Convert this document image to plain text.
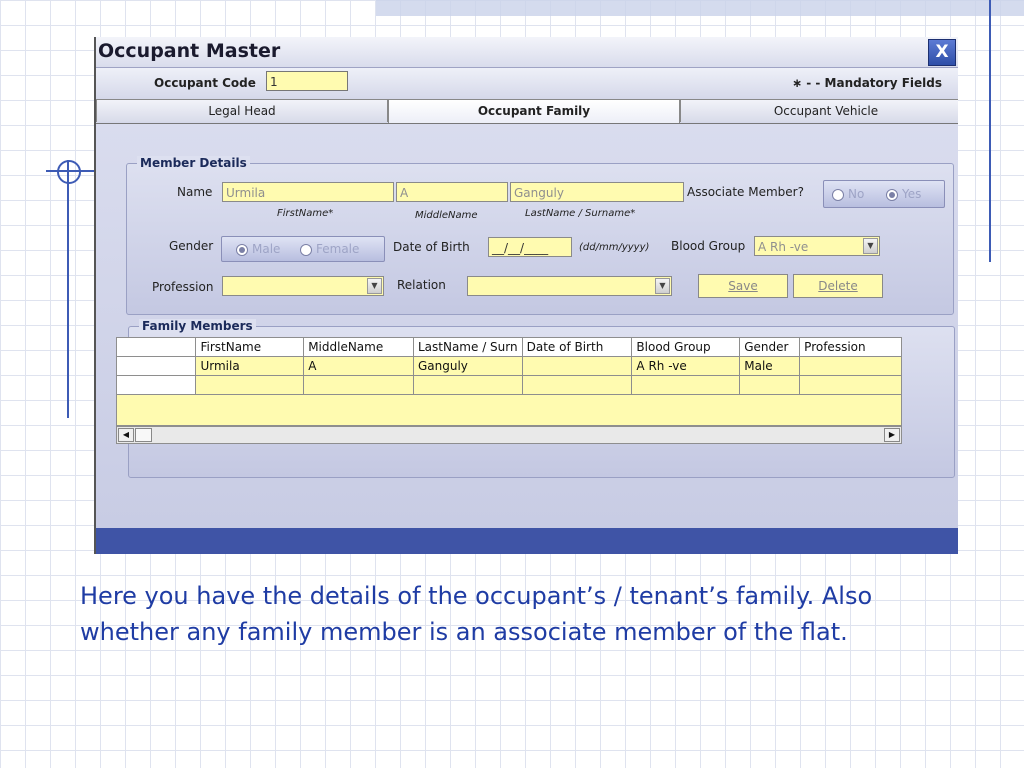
Occupant Master	X
Occupant Code	1	∗ - - Mandatory Fields
Legal Head	Occupant Family	Occupant Vehicle
Member Details
Name	Urmila	A	Ganguly
FirstName*	MiddleName	LastName / Surname*
Associate Member?	No	Yes
Gender	Male	Female	Date of Birth	__/__/____	(dd/mm/yyyy) Blood Group	A Rh -ve	▼
Profession	▼	Relation	▼	Save	Delete
Family Members
	FirstName	MiddleName	LastName / Surn	Date of Birth	Blood Group	Gender	Profession
	Urmila	A	Ganguly		A Rh -ve	Male	

◀	▶
Here you have the details of the occupant’s / tenant’s family. Also whether any family member is an associate member of the flat.
